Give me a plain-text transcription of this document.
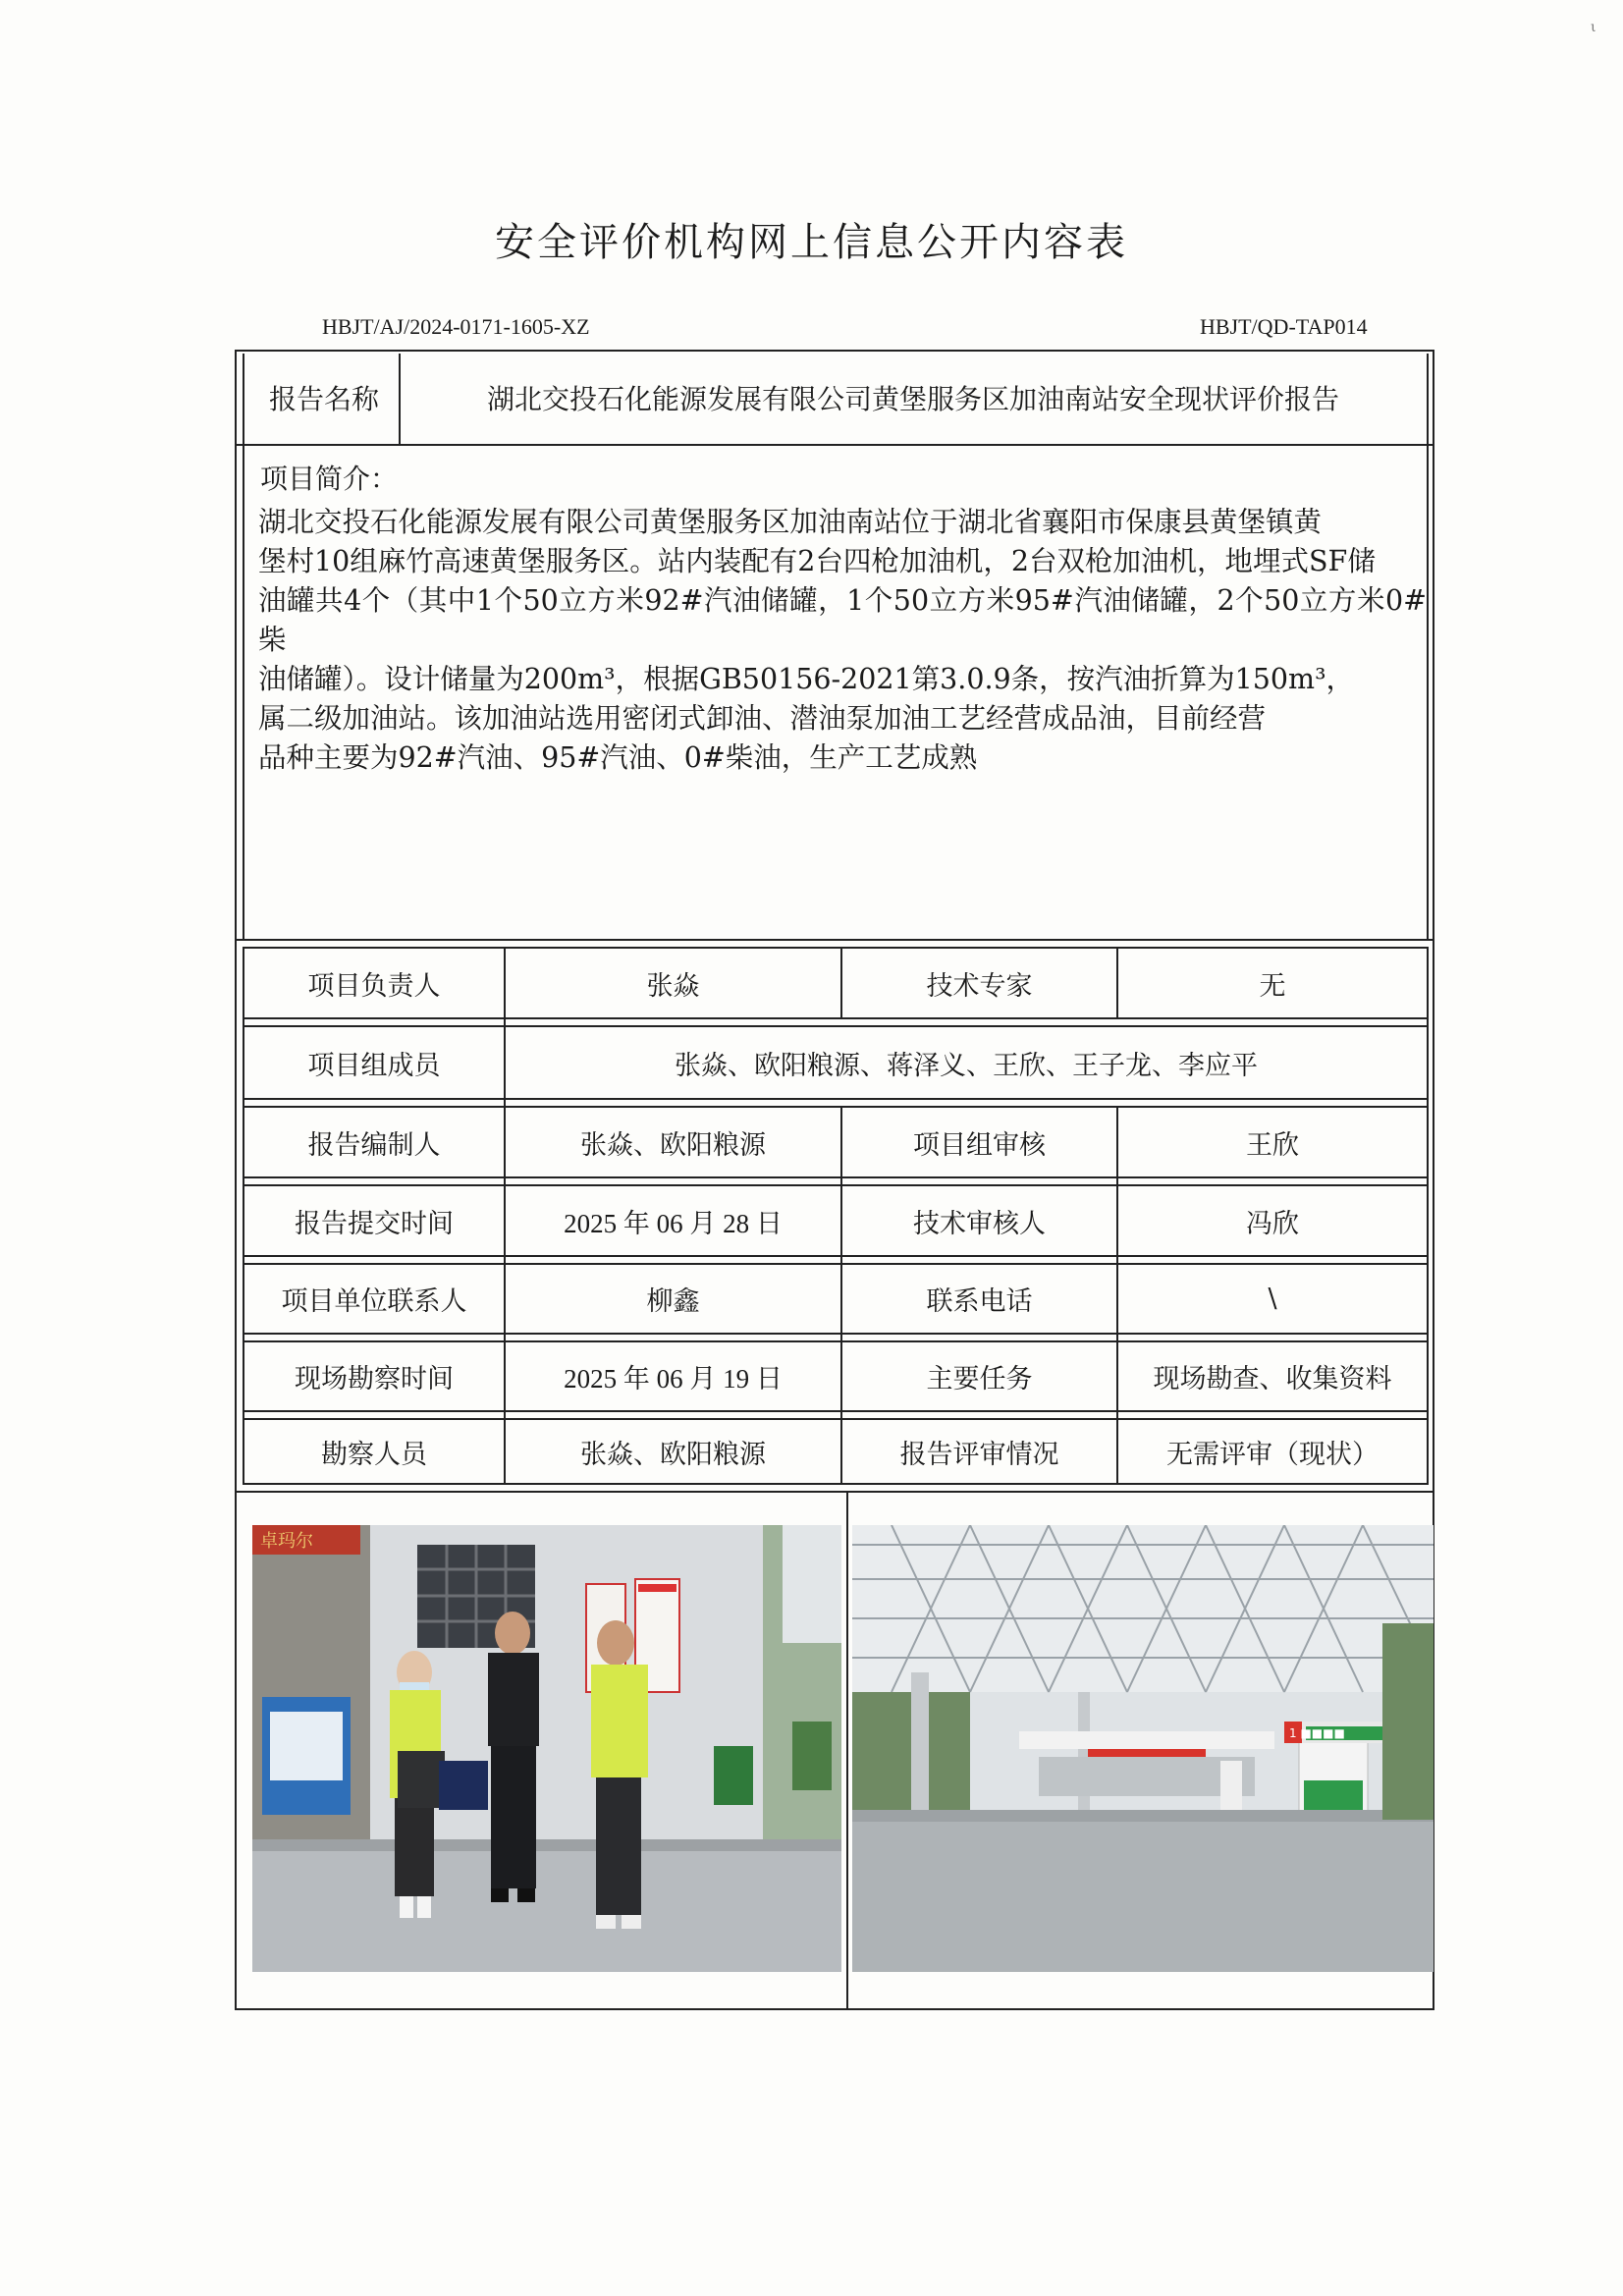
ι
安全评价机构网上信息公开内容表
HBJT/AJ/2024-0171-1605-XZ	HBJT/QD-TAP014
报告名称	湖北交投石化能源发展有限公司黄堡服务区加油南站安全现状评价报告
项目简介：
湖北交投石化能源发展有限公司黄堡服务区加油南站位于湖北省襄阳市保康县黄堡镇黄
堡村10组麻竹高速黄堡服务区。站内装配有2台四枪加油机，2台双枪加油机，地埋式SF储
油罐共4个（其中1个50立方米92#汽油储罐，1个50立方米95#汽油储罐，2个50立方米0#柴
油储罐）。设计储量为200m³，根据GB50156-2021第3.0.9条，按汽油折算为150m³，
属二级加油站。该加油站选用密闭式卸油、潜油泵加油工艺经营成品油，目前经营
品种主要为92#汽油、95#汽油、0#柴油，生产工艺成熟
项目负责人	张焱	技术专家	无
项目组成员	张焱、欧阳粮源、蒋泽义、王欣、王子龙、李应平
报告编制人	张焱、欧阳粮源	项目组审核	王欣
报告提交时间	2025 年 06 月 28 日	技术审核人	冯欣
项目单位联系人	柳鑫	联系电话	\
现场勘察时间	2025 年 06 月 19 日	主要任务	现场勘查、收集资料
勘察人员	张焱、欧阳粮源	报告评审情况	无需评审（现状）
卓玛尔
1 ■■■■
